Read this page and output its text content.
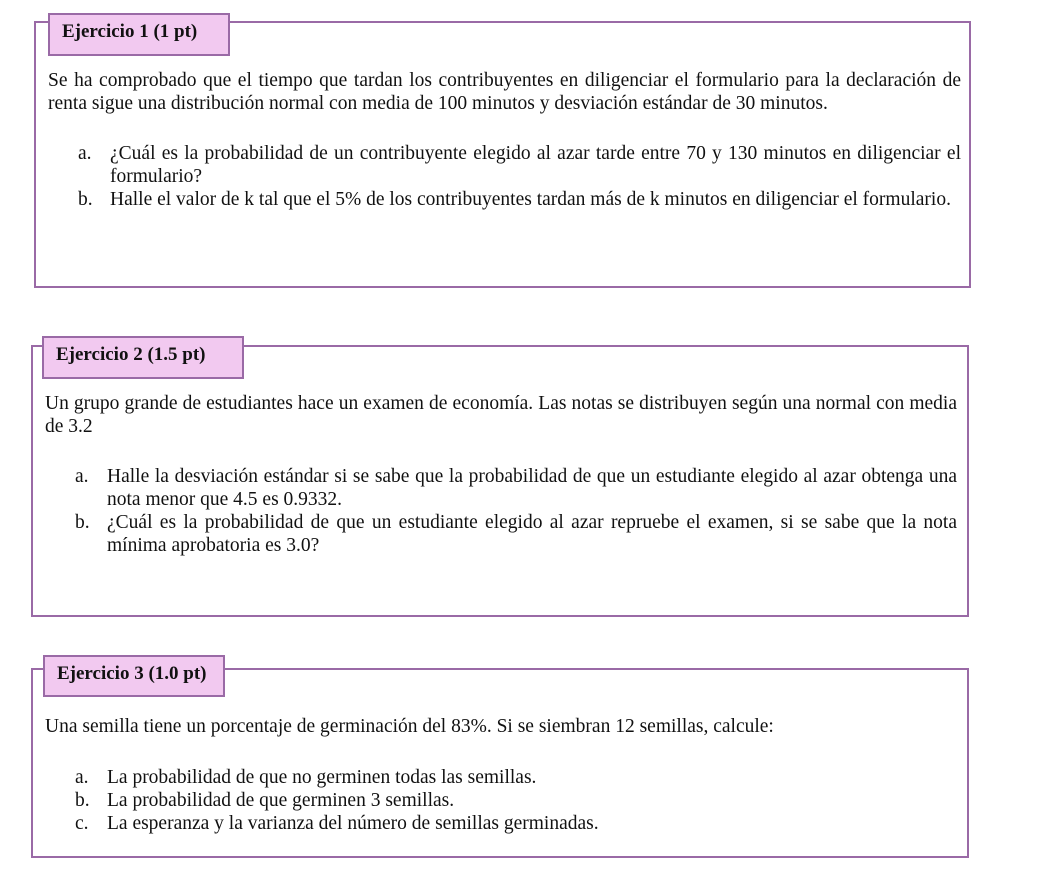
Ejercicio 1 (1 pt)

Se ha comprobado que el tiempo que tardan los contribuyentes en diligenciar el formulario para la declaración de renta sigue una distribución normal con media de 100 minutos y desviación estándar de 30 minutos.

a. ¿Cuál es la probabilidad de un contribuyente elegido al azar tarde entre 70 y 130 minutos en diligenciar el formulario?
b. Halle el valor de k tal que el 5% de los contribuyentes tardan más de k minutos en diligenciar el formulario.
Ejercicio 2 (1.5 pt)

Un grupo grande de estudiantes hace un examen de economía. Las notas se distribuyen según una normal con media de 3.2

a. Halle la desviación estándar si se sabe que la probabilidad de que un estudiante elegido al azar obtenga una nota menor que 4.5 es 0.9332.
b. ¿Cuál es la probabilidad de que un estudiante elegido al azar repruebe el examen, si se sabe que la nota mínima aprobatoria es 3.0?
Ejercicio 3 (1.0 pt)

Una semilla tiene un porcentaje de germinación del 83%. Si se siembran 12 semillas, calcule:

a. La probabilidad de que no germinen todas las semillas.
b. La probabilidad de que germinen 3 semillas.
c. La esperanza y la varianza del número de semillas germinadas.
